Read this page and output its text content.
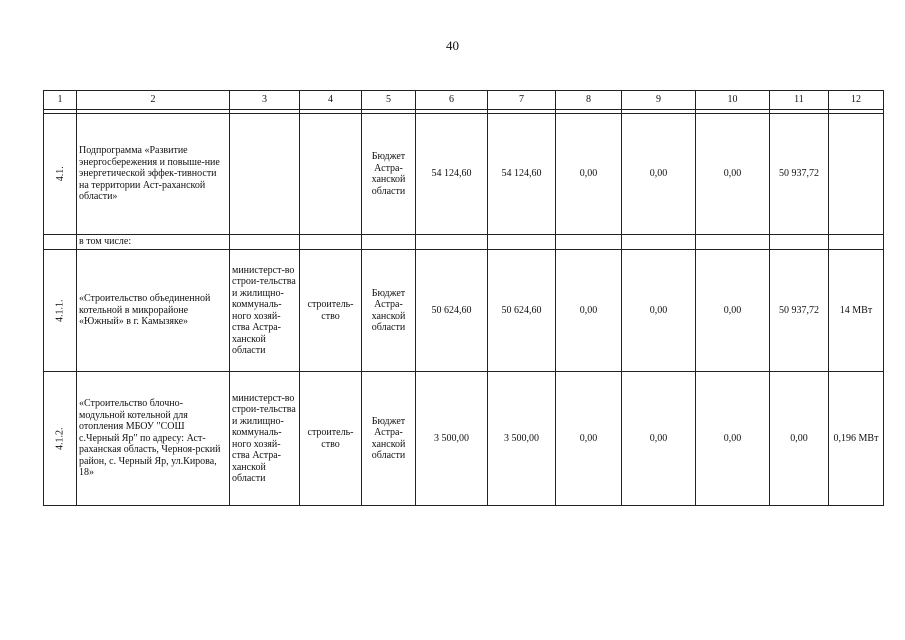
40
1	2	3	4	5	6	7	8	9	10	11	12

4.1.	Подпрограмма «Развитие энергосбережения и повыше-ние энергетической эффек-тивности на территории Аст-раханской области»			Бюджет Астра-ханской области	54 124,60	54 124,60	0,00	0,00	0,00	50 937,72	
	в том числе:										
4.1.1.	«Строительство объединенной котельной в микрорайоне «Южный» в г. Камызяке»	министерст-во строи-тельства и жилищно-коммуналь-ного хозяй-ства Астра-ханской области	строитель-ство	Бюджет Астра-ханской области	50 624,60	50 624,60	0,00	0,00	0,00	50 937,72	14 МВт
4.1.2.	«Строительство блочно-модульной котельной для отопления МБОУ "СОШ с.Черный Яр" по адресу: Аст-раханская область, Черноя-рский район, с. Черный Яр, ул.Кирова, 18»	министерст-во строи-тельства и жилищно-коммуналь-ного хозяй-ства Астра-ханской области	строитель-ство	Бюджет Астра-ханской области	3 500,00	3 500,00	0,00	0,00	0,00	0,00	0,196 МВт
